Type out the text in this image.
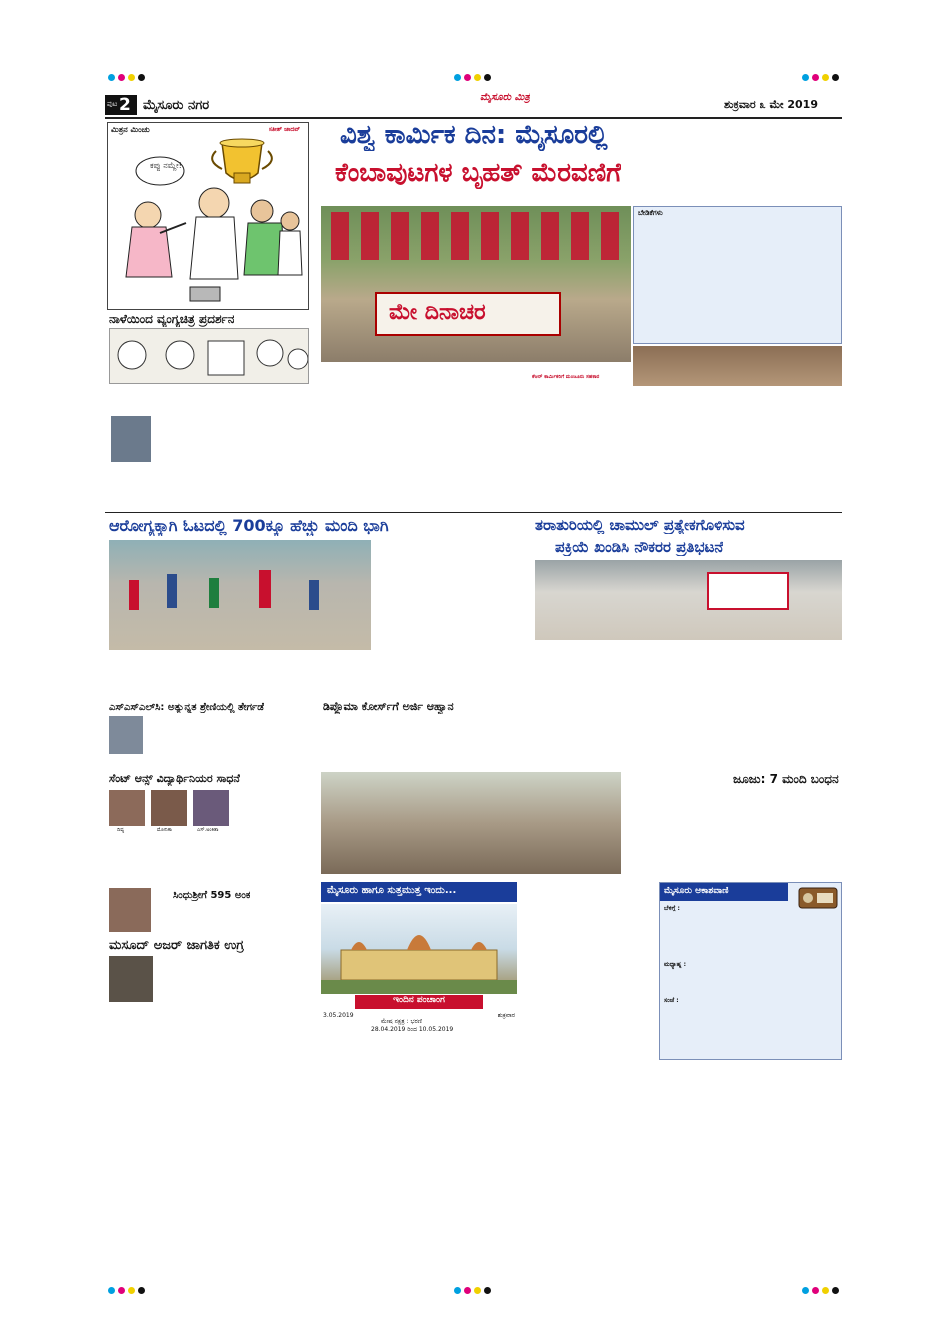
ಪುಟ 2 ಮೈಸೂರು ನಗರ
ಮೈಸೂರು ಮಿತ್ರ
ಶುಕ್ರವಾರ ೩ ಮೇ 2019
ಮಿತ್ರನ ಮಿಂಚು	ಸತೀಶ್ ಜಾದವ್
ಕಪ್ಪು ನಮ್ದೇ!
ನಾಳೆಯಿಂದ ವ್ಯಂಗ್ಯಚಿತ್ರ ಪ್ರದರ್ಶನ
ವಿಶ್ವ ಕಾರ್ಮಿಕ ದಿನ: ಮೈಸೂರಲ್ಲಿ
ಕೆಂಬಾವುಟಗಳ ಬೃಹತ್ ಮೆರವಣಿಗೆ
ಮೇ ದಿನಾಚರ
ಬೇಡಿಕೆಗಳು
ಕೆಆರ್ ಕಾರ್ಮಿಕರಿಗೆ ಮಂಜೂರು ಸಹಕಾರ
ಆರೋಗ್ಯಕ್ಕಾಗಿ ಓಟದಲ್ಲಿ 700ಕ್ಕೂ ಹೆಚ್ಚು ಮಂದಿ ಭಾಗಿ	ತರಾತುರಿಯಲ್ಲಿ ಚಾಮುಲ್ ಪ್ರತ್ಯೇಕಗೊಳಿಸುವ
ಪಕ್ರಿಯೆ ಖಂಡಿಸಿ ನೌಕರರ ಪ್ರತಿಭಟನೆ
ಎಸ್‌ಎಸ್‌ಎಲ್‌ಸಿ: ಅತ್ಯುನ್ನತ ಶ್ರೇಣಿಯಲ್ಲಿ ತೇರ್ಗಡೆ	ಡಿಪ್ಲೊಮಾ ಕೋರ್ಸ್‌ಗೆ ಅರ್ಜಿ ಆಹ್ವಾನ
ಸೆಂಟ್ ಆನ್ಸ್ ವಿದ್ಯಾರ್ಥಿನಿಯರ ಸಾಧನೆ
ದಿವ್ಯ	ಮೋನಿಕಾ	ಎಸ್.ಅಂಕಿತಾ
ಜೂಜು: 7 ಮಂದಿ ಬಂಧನ
ಸಿಂಧುಶ್ರೀಗೆ 595 ಅಂಕ
ಮಸೂದ್ ಅಜರ್ ಜಾಗತಿಕ ಉಗ್ರ
ಮೈಸೂರು ಹಾಗೂ ಸುತ್ತಮುತ್ತ ಇಂದು...
ಇಂದಿನ ಪಂಚಾಂಗ
3.05.2019	ಶುಕ್ರವಾರ
ಮೇಷ ನಕ್ಷತ್ರ : ಭರಣಿ
28.04.2019 ರಿಂದ 10.05.2019
ಮೈಸೂರು ಆಕಾಶವಾಣಿ
ಬೆಳಿಗ್ಗೆ :
ಮಧ್ಯಾಹ್ನ :
ಸಂಜೆ :
